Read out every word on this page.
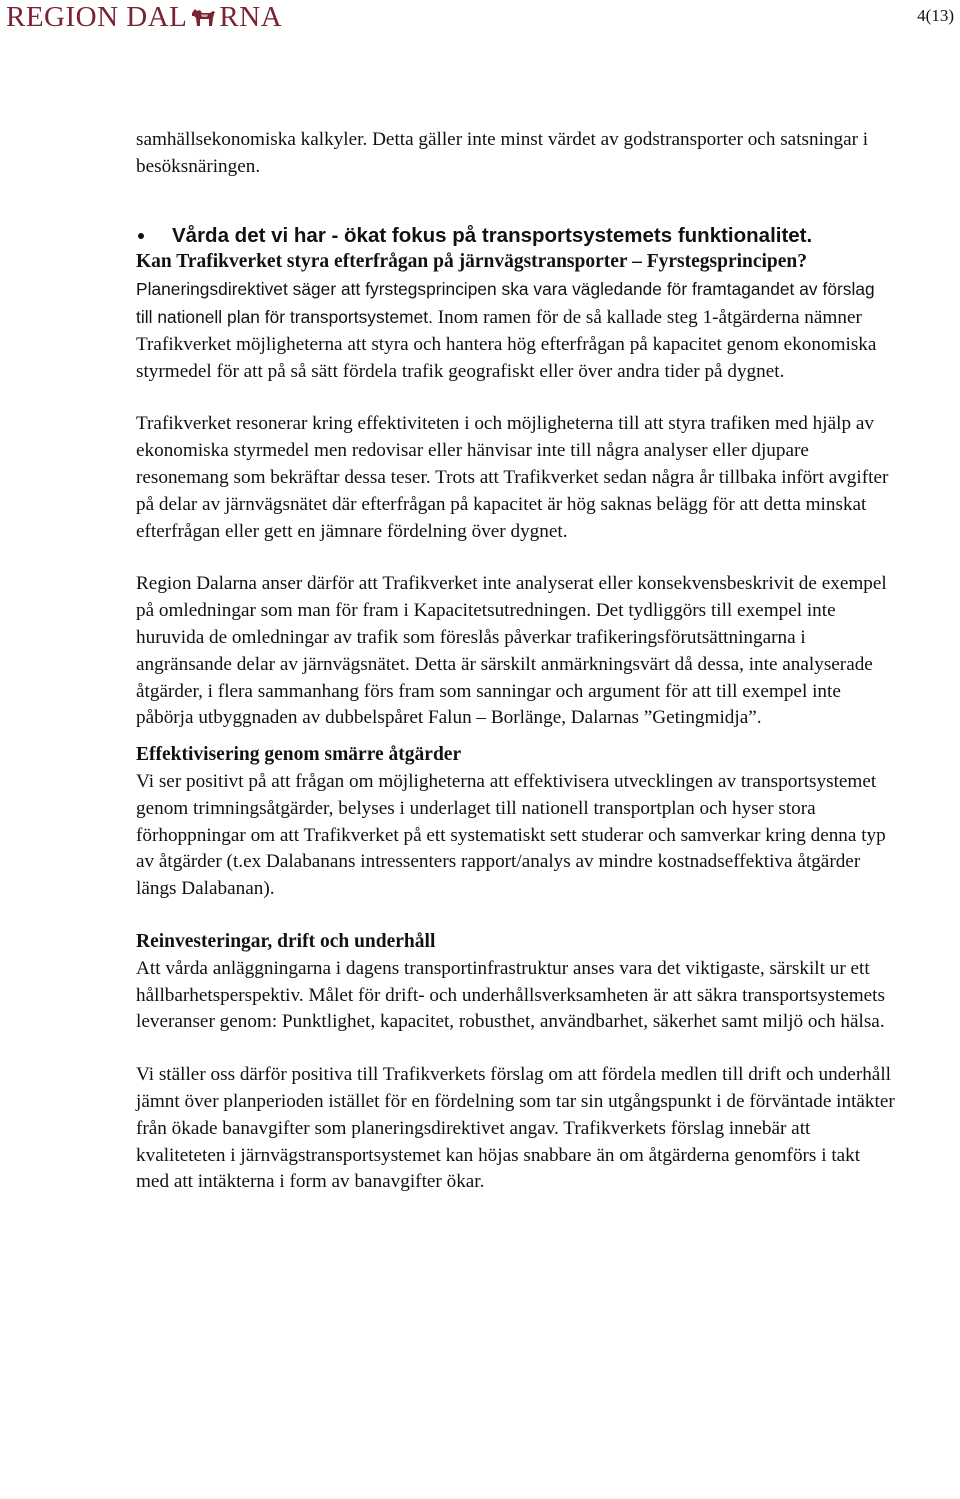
REGION DAL RNA	4(13)

samhällsekonomiska kalkyler. Detta gäller inte minst värdet av godstransporter och satsningar i besöksnäringen.

Vårda det vi har - ökat fokus på transportsystemets funktionalitet.

Kan Trafikverket styra efterfrågan på järnvägstransporter – Fyrstegsprincipen?

Planeringsdirektivet säger att fyrstegsprincipen ska vara vägledande för framtagandet av förslag till nationell plan för transportsystemet. Inom ramen för de så kallade steg 1-åtgärderna nämner Trafikverket möjligheterna att styra och hantera hög efterfrågan på kapacitet genom ekonomiska styrmedel för att på så sätt fördela trafik geografiskt eller över andra tider på dygnet.

Trafikverket resonerar kring effektiviteten i och möjligheterna till att styra trafiken med hjälp av ekonomiska styrmedel men redovisar eller hänvisar inte till några analyser eller djupare resonemang som bekräftar dessa teser. Trots att Trafikverket sedan några år tillbaka infört avgifter på delar av järnvägsnätet där efterfrågan på kapacitet är hög saknas belägg för att detta minskat efterfrågan eller gett en jämnare fördelning över dygnet.

Region Dalarna anser därför att Trafikverket inte analyserat eller konsekvensbeskrivit de exempel på omledningar som man för fram i Kapacitetsutredningen. Det tydliggörs till exempel inte huruvida de omledningar av trafik som föreslås påverkar trafikeringsförutsättningarna i angränsande delar av järnvägsnätet. Detta är särskilt anmärkningsvärt då dessa, inte analyserade åtgärder, i flera sammanhang förs fram som sanningar och argument för att till exempel inte påbörja utbyggnaden av dubbelspåret Falun – Borlänge, Dalarnas ”Getingmidja”.

Effektivisering genom smärre åtgärder

Vi ser positivt på att frågan om möjligheterna att effektivisera utvecklingen av transportsystemet genom trimningsåtgärder, belyses i underlaget till nationell transportplan och hyser stora förhoppningar om att Trafikverket på ett systematiskt sett studerar och samverkar kring denna typ av åtgärder (t.ex Dalabanans intressenters rapport/analys av mindre kostnadseffektiva åtgärder längs Dalabanan).

Reinvesteringar, drift och underhåll

Att vårda anläggningarna i dagens transportinfrastruktur anses vara det viktigaste, särskilt ur ett hållbarhetsperspektiv. Målet för drift- och underhållsverksamheten är att säkra transportsystemets leveranser genom: Punktlighet, kapacitet, robusthet, användbarhet, säkerhet samt miljö och hälsa.

Vi ställer oss därför positiva till Trafikverkets förslag om att fördela medlen till drift och underhåll jämnt över planperioden istället för en fördelning som tar sin utgångspunkt i de förväntade intäkter från ökade banavgifter som planeringsdirektivet angav. Trafikverkets förslag innebär att kvaliteteten i järnvägstransportsystemet kan höjas snabbare än om åtgärderna genomförs i takt med att intäkterna i form av banavgifter ökar.
